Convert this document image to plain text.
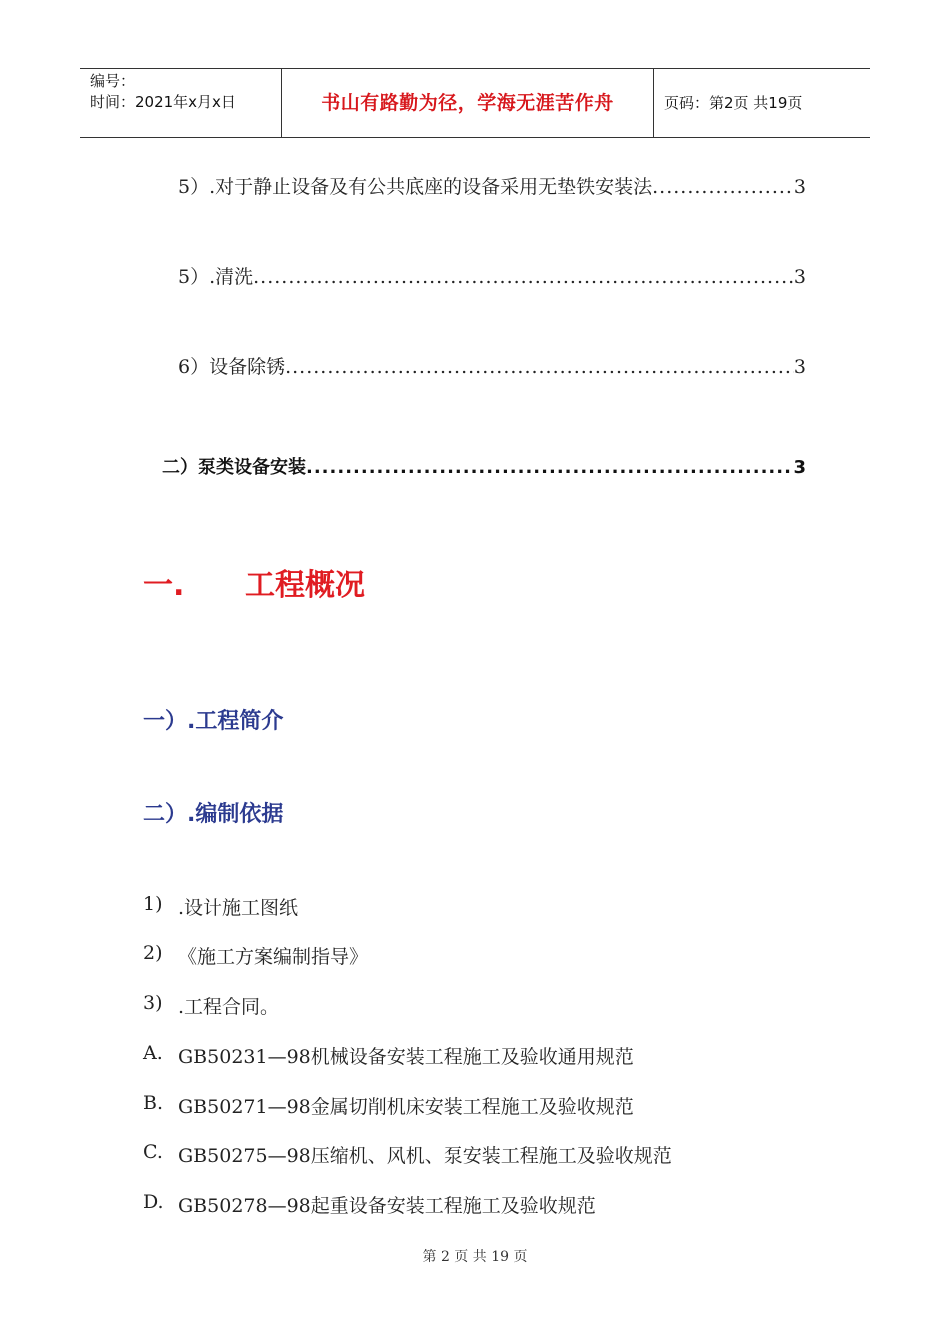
编号：
时间：2021年x月x日	书山有路勤为径，学海无涯苦作舟	页码：第2页 共19页
5）.对于静止设备及有公共底座的设备采用无垫铁安装法 .....	3
5）.清洗 .....	3
6）设备除锈 .....	3
二）泵类设备安装 .....	3
一.	工程概况
一）.工程简介
二）.编制依据
1) .设计施工图纸
2) 《施工方案编制指导》
3) .工程合同。
A. GB50231—98机械设备安装工程施工及验收通用规范
B. GB50271—98金属切削机床安装工程施工及验收规范
C. GB50275—98压缩机、风机、泵安装工程施工及验收规范
D. GB50278—98起重设备安装工程施工及验收规范
第 2 页 共 19 页
